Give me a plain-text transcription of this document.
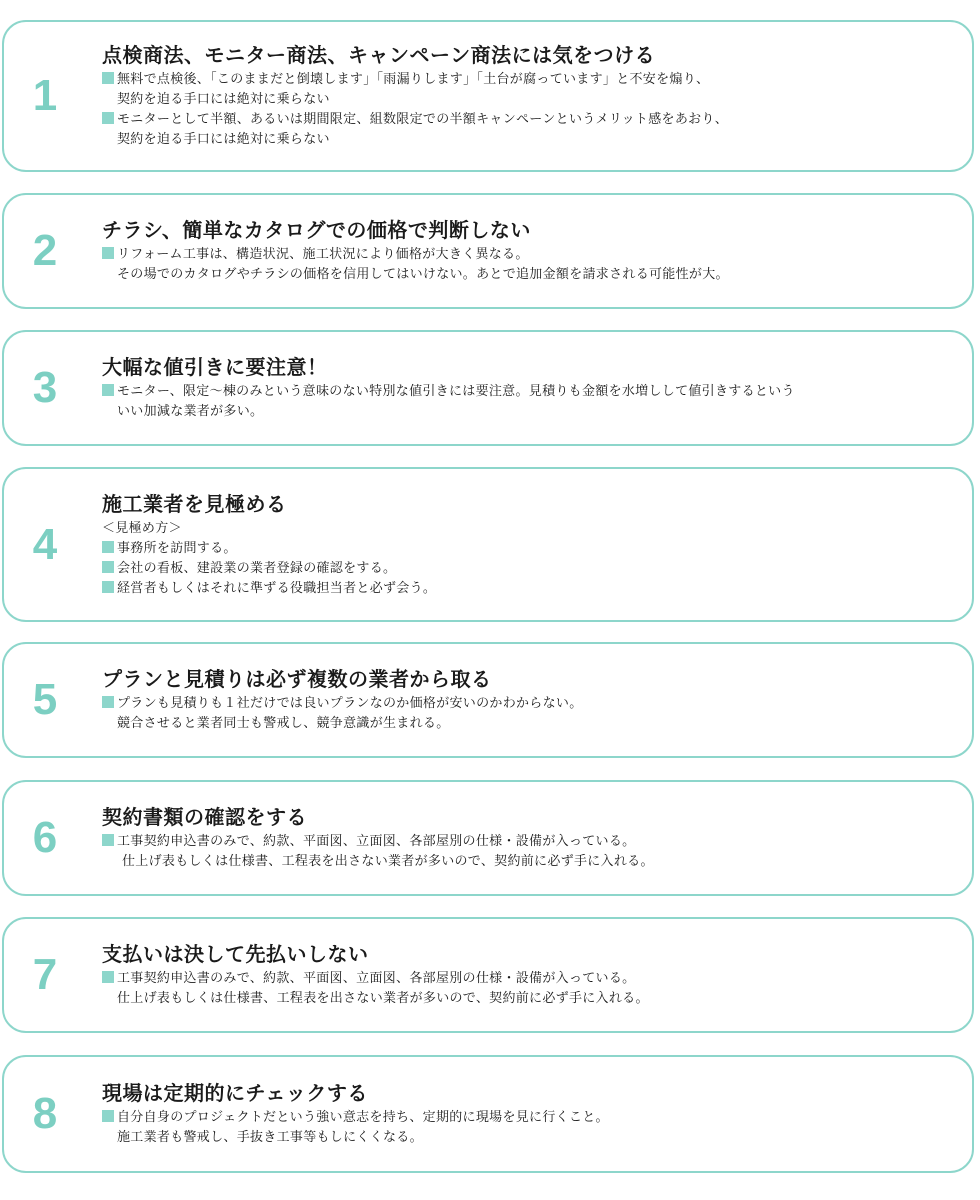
1
点検商法、モニター商法、キャンペーン商法には気をつける
無料で点検後、「このままだと倒壊します」「雨漏りします」「土台が腐っています」と不安を煽り、
契約を迫る手口には絶対に乗らない
モニターとして半額、あるいは期間限定、組数限定での半額キャンペーンというメリット感をあおり、
契約を迫る手口には絶対に乗らない
2	チラシ、簡単なカタログでの価格で判断しない
リフォーム工事は、構造状況、施工状況により価格が大きく異なる。
その場でのカタログやチラシの価格を信用してはいけない。あとで追加金額を請求される可能性が大。
3	大幅な値引きに要注意！
モニター、限定～棟のみという意味のない特別な値引きには要注意。見積りも金額を水増しして値引きするという
いい加減な業者が多い。
4
施工業者を見極める
＜見極め方＞
事務所を訪問する。
会社の看板、建設業の業者登録の確認をする。
経営者もしくはそれに準ずる役職担当者と必ず会う。
5	プランと見積りは必ず複数の業者から取る
プランも見積りも１社だけでは良いプランなのか価格が安いのかわからない。
競合させると業者同士も警戒し、競争意識が生まれる。
6	契約書類の確認をする
工事契約申込書のみで、約款、平面図、立面図、各部屋別の仕様・設備が入っている。
仕上げ表もしくは仕様書、工程表を出さない業者が多いので、契約前に必ず手に入れる。
7	支払いは決して先払いしない
工事契約申込書のみで、約款、平面図、立面図、各部屋別の仕様・設備が入っている。
仕上げ表もしくは仕様書、工程表を出さない業者が多いので、契約前に必ず手に入れる。
8	現場は定期的にチェックする
自分自身のプロジェクトだという強い意志を持ち、定期的に現場を見に行くこと。
施工業者も警戒し、手抜き工事等もしにくくなる。
